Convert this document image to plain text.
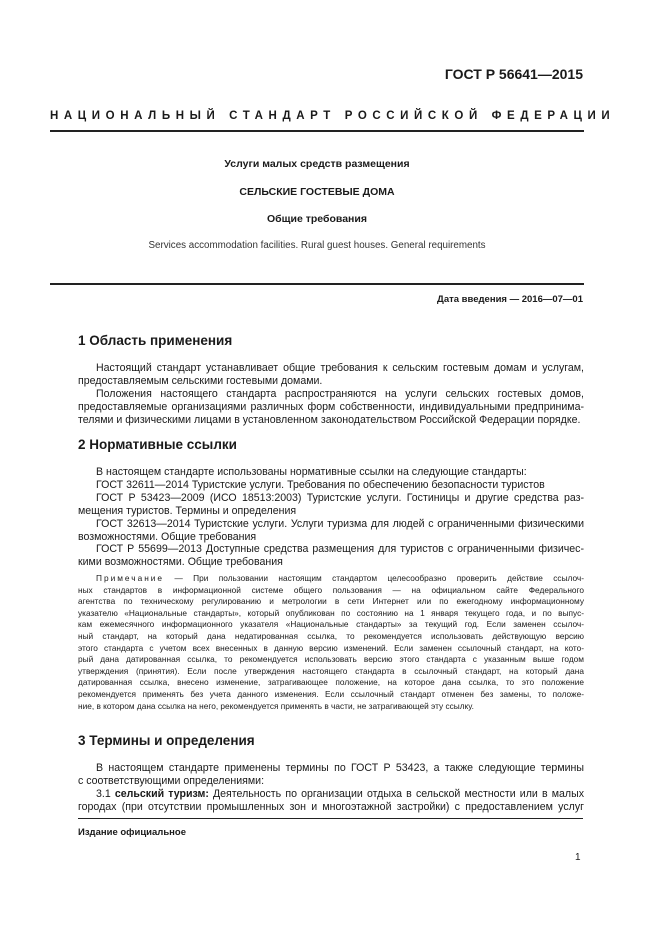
ГОСТ Р 56641—2015
НАЦИОНАЛЬНЫЙ СТАНДАРТ РОССИЙСКОЙ ФЕДЕРАЦИИ
Услуги малых средств размещения
СЕЛЬСКИЕ ГОСТЕВЫЕ ДОМА
Общие требования
Services accommodation facilities. Rural guest houses. General requirements
Дата введения — 2016—07—01
1 Область применения
Настоящий стандарт устанавливает общие требования к сельским гостевым домам и услугам,
предоставляемым сельскими гостевыми домами.
Положения настоящего стандарта распространяются на услуги сельских гостевых домов,
предоставляемые организациями различных форм собственности, индивидуальными предпринима-
телями и физическими лицами в установленном законодательством Российской Федерации порядке.
2 Нормативные ссылки
В настоящем стандарте использованы нормативные ссылки на следующие стандарты:
ГОСТ 32611—2014 Туристские услуги. Требования по обеспечению безопасности туристов
ГОСТ Р 53423—2009 (ИСО 18513:2003) Туристские услуги. Гостиницы и другие средства раз-
мещения туристов. Термины и определения
ГОСТ 32613—2014 Туристские услуги. Услуги туризма для людей с ограниченными физическими
возможностями. Общие требования
ГОСТ Р 55699—2013 Доступные средства размещения для туристов с ограниченными физичес-
кими возможностями. Общие требования
Примечание — При пользовании настоящим стандартом целесообразно проверить действие ссылоч-
ных стандартов в информационной системе общего пользования — на официальном сайте Федерального
агентства по техническому регулированию и метрологии в сети Интернет или по ежегодному информационному
указателю «Национальные стандарты», который опубликован по состоянию на 1 января текущего года, и по выпус-
кам ежемесячного информационного указателя «Национальные стандарты» за текущий год. Если заменен ссылоч-
ный стандарт, на который дана недатированная ссылка, то рекомендуется использовать действующую версию
этого стандарта с учетом всех внесенных в данную версию изменений. Если заменен ссылочный стандарт, на кото-
рый дана датированная ссылка, то рекомендуется использовать версию этого стандарта с указанным выше годом
утверждения (принятия). Если после утверждения настоящего стандарта в ссылочный стандарт, на который дана
датированная ссылка, внесено изменение, затрагивающее положение, на которое дана ссылка, то это положение
рекомендуется применять без учета данного изменения. Если ссылочный стандарт отменен без замены, то положе-
ние, в котором дана ссылка на него, рекомендуется применять в части, не затрагивающей эту ссылку.
3 Термины и определения
В настоящем стандарте применены термины по ГОСТ Р 53423, а также следующие термины
с соответствующими определениями:
3.1 сельский туризм: Деятельность по организации отдыха в сельской местности или в малых
городах (при отсутствии промышленных зон и многоэтажной застройки) с предоставлением услуг
Издание официальное
1
